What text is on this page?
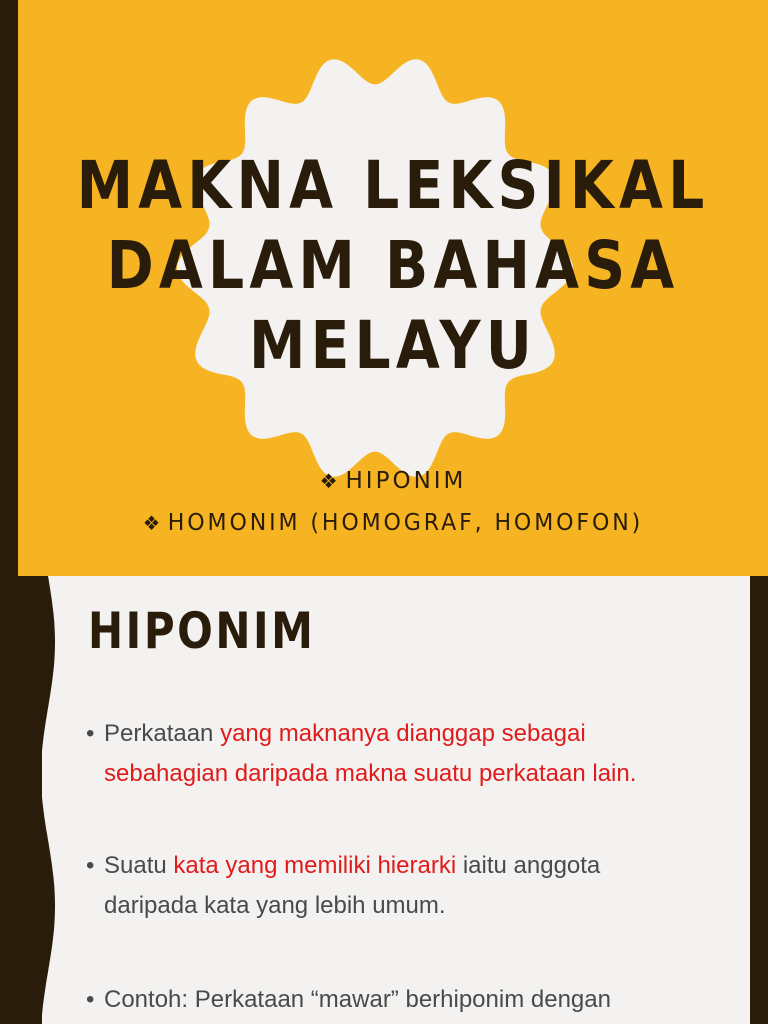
MAKNA LEKSIKAL
DALAM BAHASA
MELAYU
❖ HIPONIM
❖ HOMONIM (HOMOGRAF, HOMOFON)
HIPONIM
• Perkataan yang maknanya dianggap sebagai
sebahagian daripada makna suatu perkataan lain.
• Suatu kata yang memiliki hierarki iaitu anggota
daripada kata yang lebih umum.
• Contoh: Perkataan “mawar” berhiponim dengan
